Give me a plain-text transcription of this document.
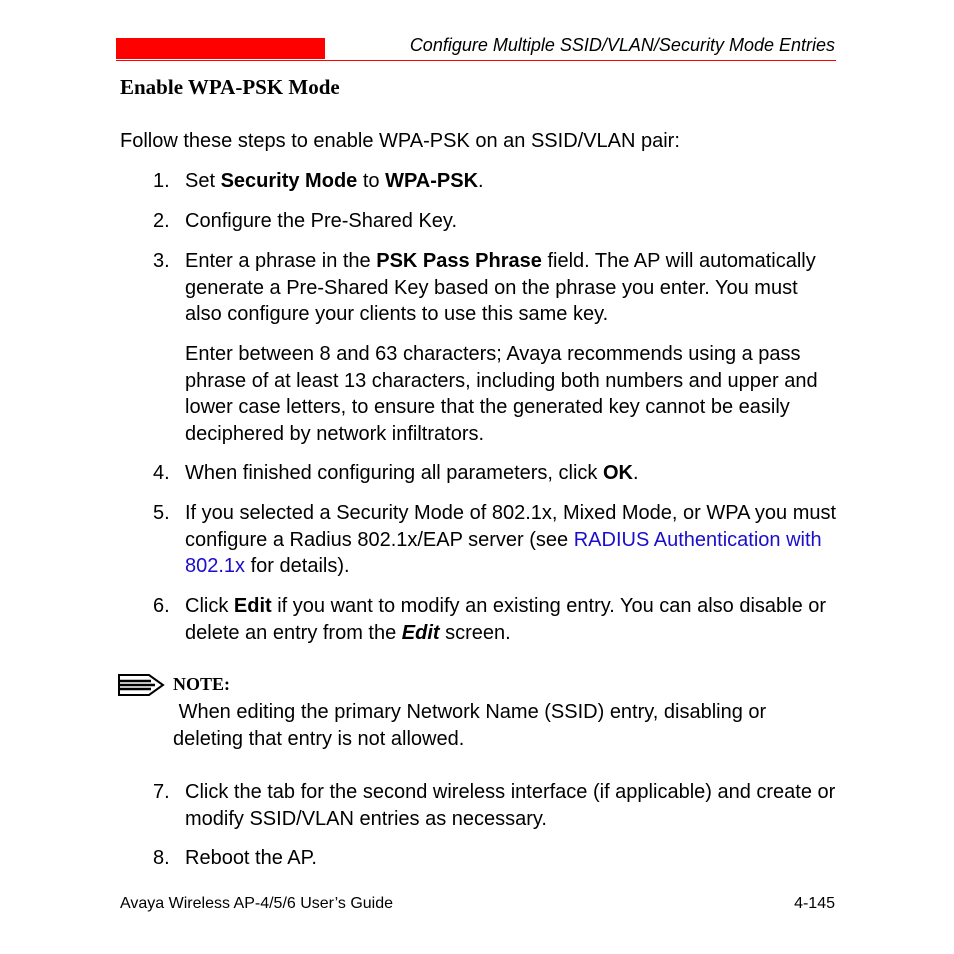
Configure Multiple SSID/VLAN/Security Mode Entries
Enable WPA-PSK Mode
Follow these steps to enable WPA-PSK on an SSID/VLAN pair:
1. Set Security Mode to WPA-PSK.
2. Configure the Pre-Shared Key.
3. Enter a phrase in the PSK Pass Phrase field. The AP will automatically generate a Pre-Shared Key based on the phrase you enter. You must also configure your clients to use this same key.
Enter between 8 and 63 characters; Avaya recommends using a pass phrase of at least 13 characters, including both numbers and upper and lower case letters, to ensure that the generated key cannot be easily deciphered by network infiltrators.
4. When finished configuring all parameters, click OK.
5. If you selected a Security Mode of 802.1x, Mixed Mode, or WPA you must configure a Radius 802.1x/EAP server (see RADIUS Authentication with 802.1x for details).
6. Click Edit if you want to modify an existing entry. You can also disable or delete an entry from the Edit screen.
NOTE:
When editing the primary Network Name (SSID) entry, disabling or deleting that entry is not allowed.
7. Click the tab for the second wireless interface (if applicable) and create or modify SSID/VLAN entries as necessary.
8. Reboot the AP.
Avaya Wireless AP-4/5/6 User’s Guide	4-145
